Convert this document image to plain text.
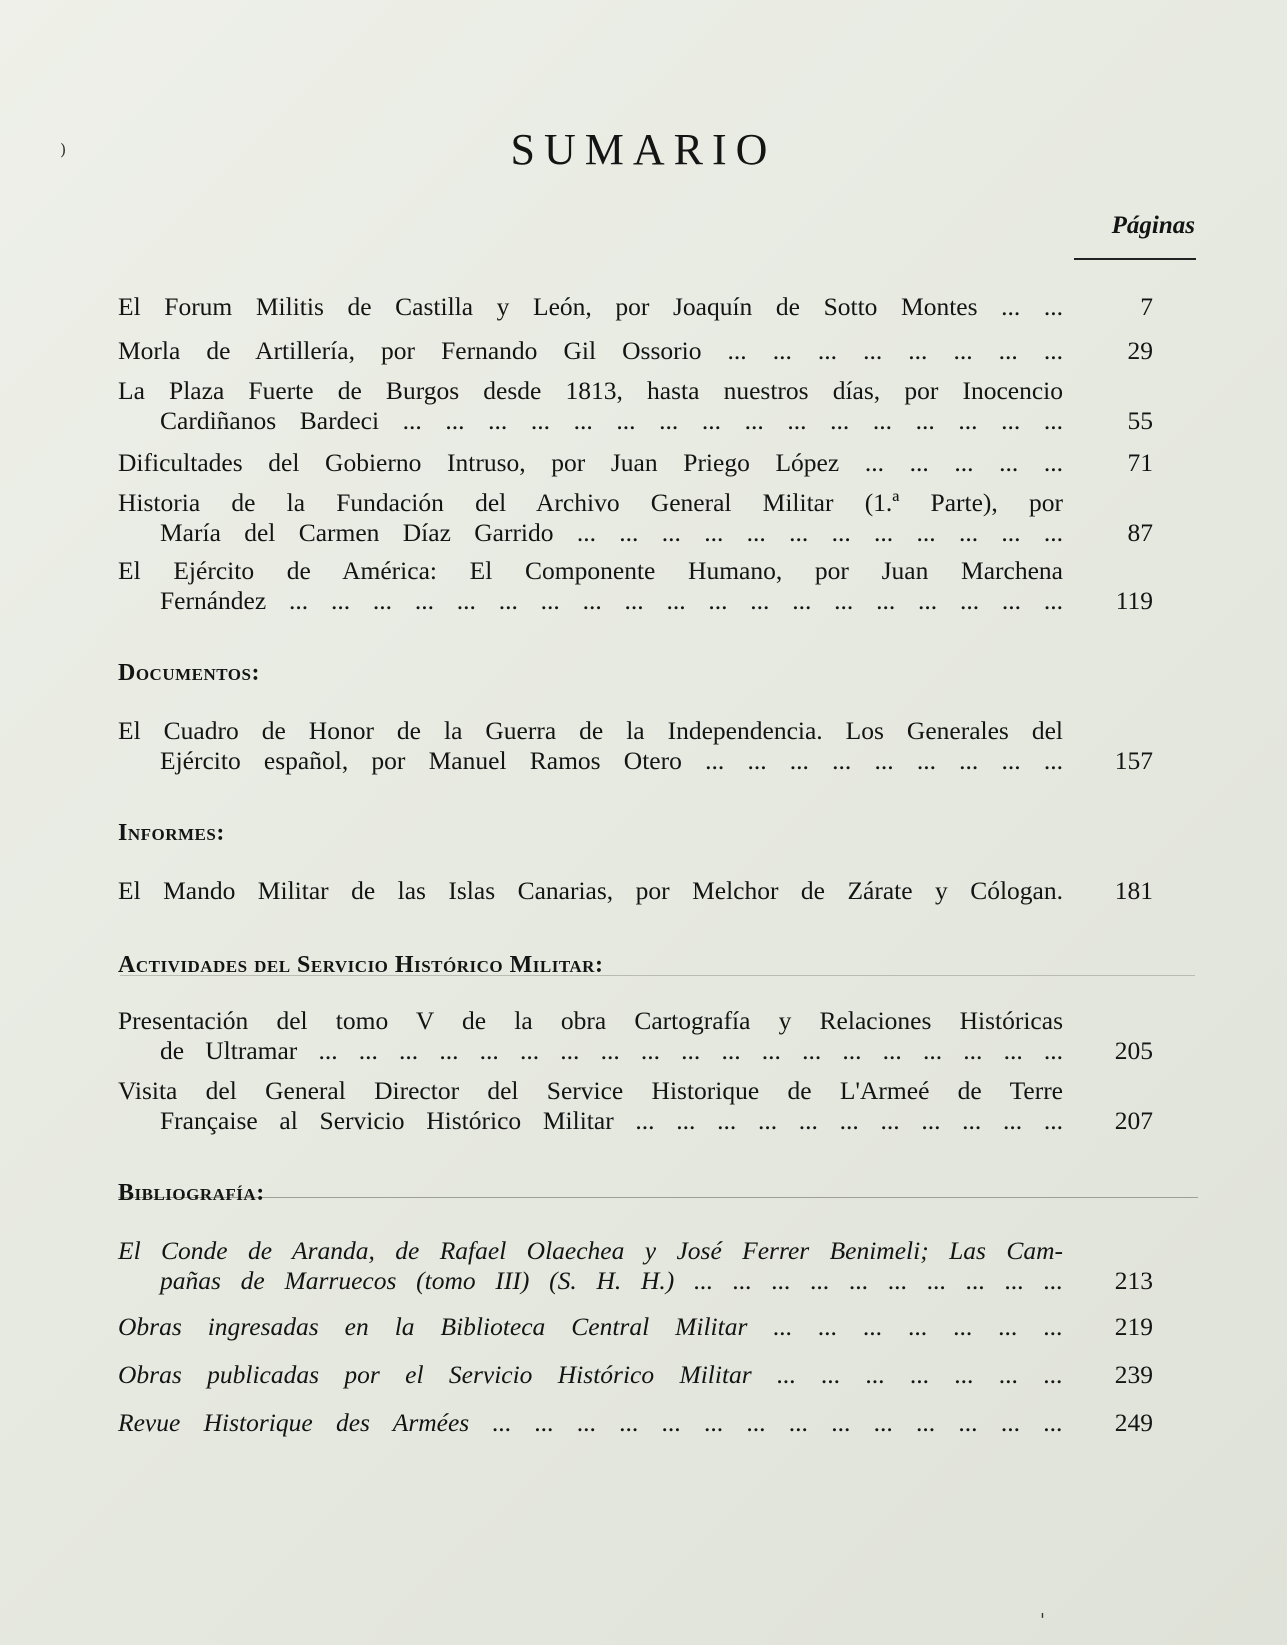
)	SUMARIO
Páginas
El Forum Militis de Castilla y León, por Joaquín de Sotto Montes ... ...	7
Morla de Artillería, por Fernando Gil Ossorio ... ... ... ... ... ... ... ...	29
La Plaza Fuerte de Burgos desde 1813, hasta nuestros días, por Inocencio
Cardiñanos Bardeci ... ... ... ... ... ... ... ... ... ... ... ... ... ... ... ...	55
Dificultades del Gobierno Intruso, por Juan Priego López ... ... ... ... ...	71
Historia de la Fundación del Archivo General Militar (1.ª Parte), por
María del Carmen Díaz Garrido ... ... ... ... ... ... ... ... ... ... ... ...	87
El Ejército de América: El Componente Humano, por Juan Marchena
Fernández ... ... ... ... ... ... ... ... ... ... ... ... ... ... ... ... ... ... ...	119
Documentos:
El Cuadro de Honor de la Guerra de la Independencia. Los Generales del
Ejército español, por Manuel Ramos Otero ... ... ... ... ... ... ... ... ...	157
Informes:
El Mando Militar de las Islas Canarias, por Melchor de Zárate y Cólogan.	181
Actividades del Servicio Histórico Militar:
Presentación del tomo V de la obra Cartografía y Relaciones Históricas
de Ultramar ... ... ... ... ... ... ... ... ... ... ... ... ... ... ... ... ... ... ...	205
Visita del General Director del Service Historique de L'Armeé de Terre
Française al Servicio Histórico Militar ... ... ... ... ... ... ... ... ... ... ...	207
Bibliografía:
El Conde de Aranda, de Rafael Olaechea y José Ferrer Benimeli; Las Cam-
pañas de Marruecos (tomo III) (S. H. H.) ... ... ... ... ... ... ... ... ... ...	213
Obras ingresadas en la Biblioteca Central Militar ... ... ... ... ... ... ...	219
Obras publicadas por el Servicio Histórico Militar ... ... ... ... ... ... ...	239
Revue Historique des Armées ... ... ... ... ... ... ... ... ... ... ... ... ... ...	249
'
